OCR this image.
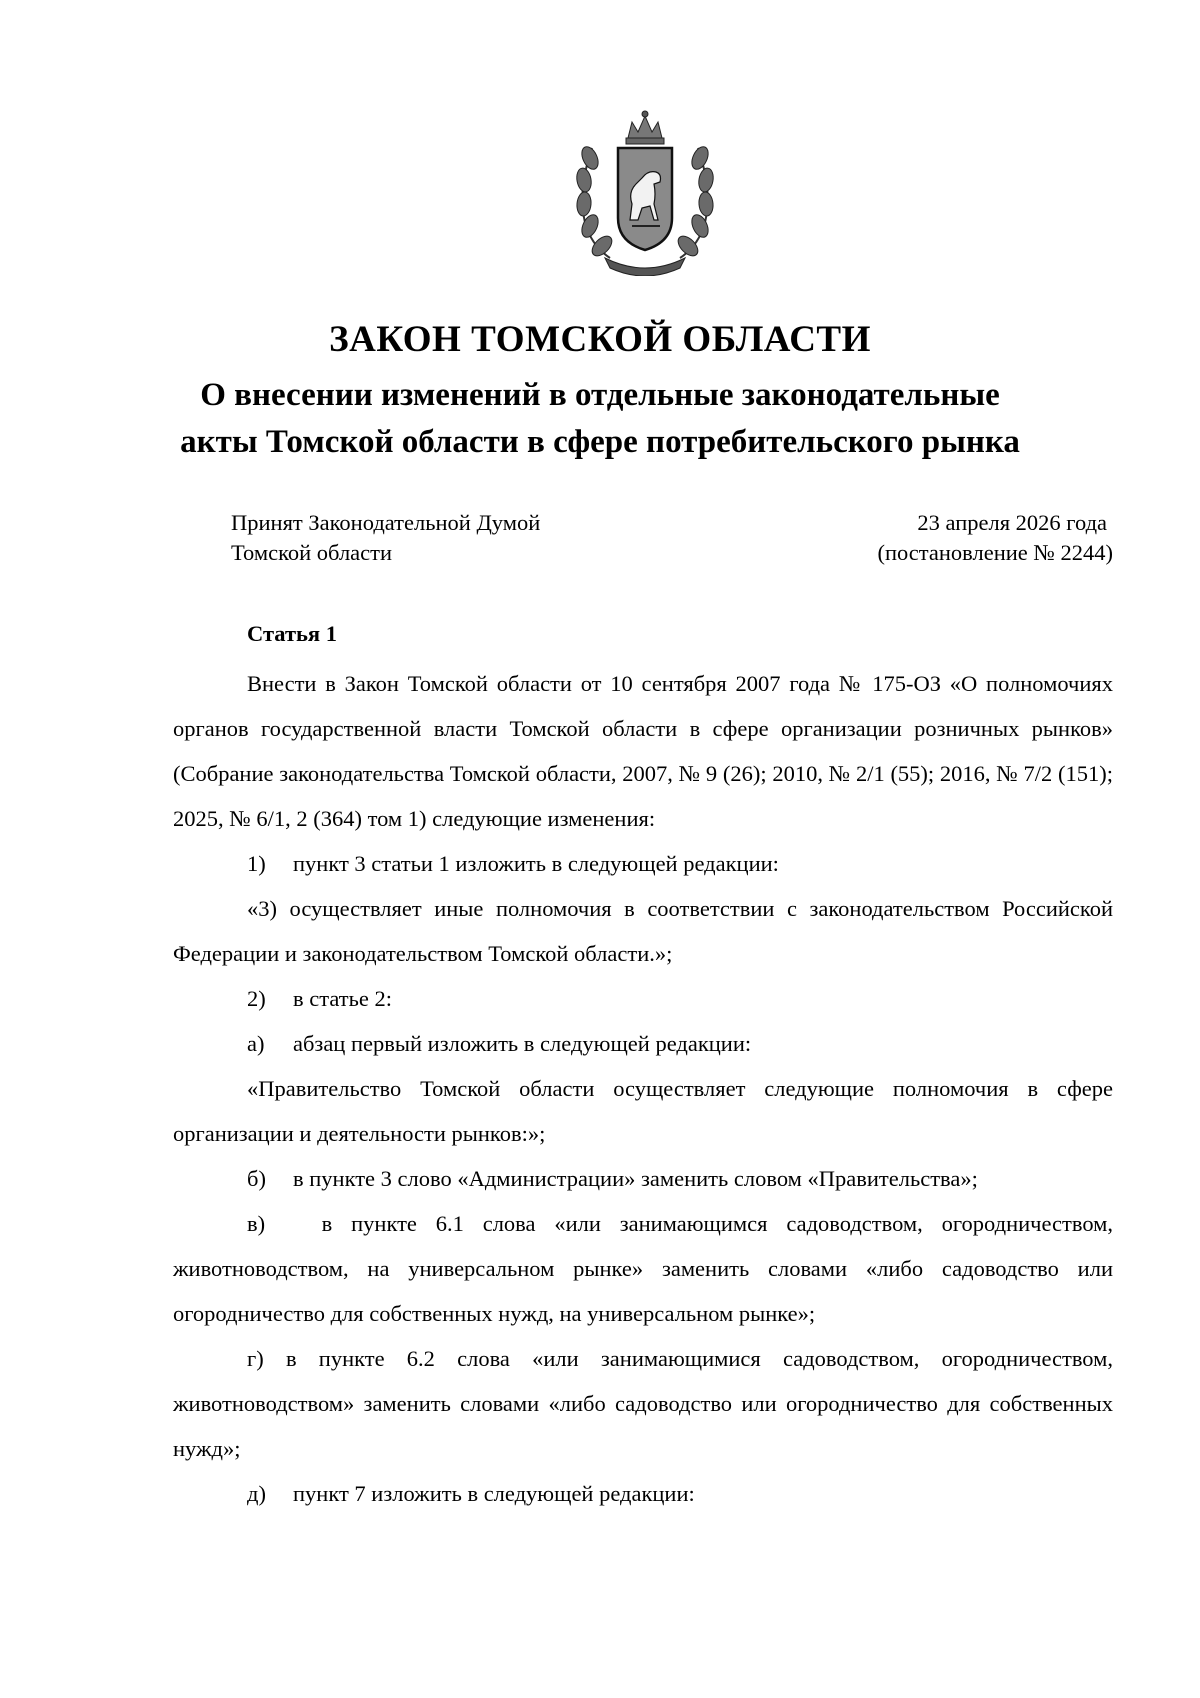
ЗАКОН ТОМСКОЙ ОБЛАСТИ
О внесении изменений в отдельные законодательные
акты Томской области в сфере потребительского рынка
Принят Законодательной Думой
Томской области
23 апреля 2026 года
(постановление № 2244)
Статья 1

Внести в Закон Томской области от 10 сентября 2007 года № 175-ОЗ «О полномочиях органов государственной власти Томской области в сфере организации розничных рынков» (Собрание законодательства Томской области, 2007, № 9 (26); 2010, № 2/1 (55); 2016, № 7/2 (151); 2025, № 6/1, 2 (364) том 1) следующие изменения:

1) пункт 3 статьи 1 изложить в следующей редакции:

«3) осуществляет иные полномочия в соответствии с законодательством Российской Федерации и законодательством Томской области.»;

2) в статье 2:

а) абзац первый изложить в следующей редакции:

«Правительство Томской области осуществляет следующие полномочия в сфере организации и деятельности рынков:»;

б) в пункте 3 слово «Администрации» заменить словом «Правительства»;

в)	в пункте 6.1 слова «или занимающимся садоводством, огородничеством, животноводством, на универсальном рынке» заменить словами «либо садоводство или огородничество для собственных нужд, на универсальном рынке»;

г) в пункте 6.2 слова «или занимающимися садоводством, огородничеством, животноводством» заменить словами «либо садоводство или огородничество для собственных нужд»;

д) пункт 7 изложить в следующей редакции:
